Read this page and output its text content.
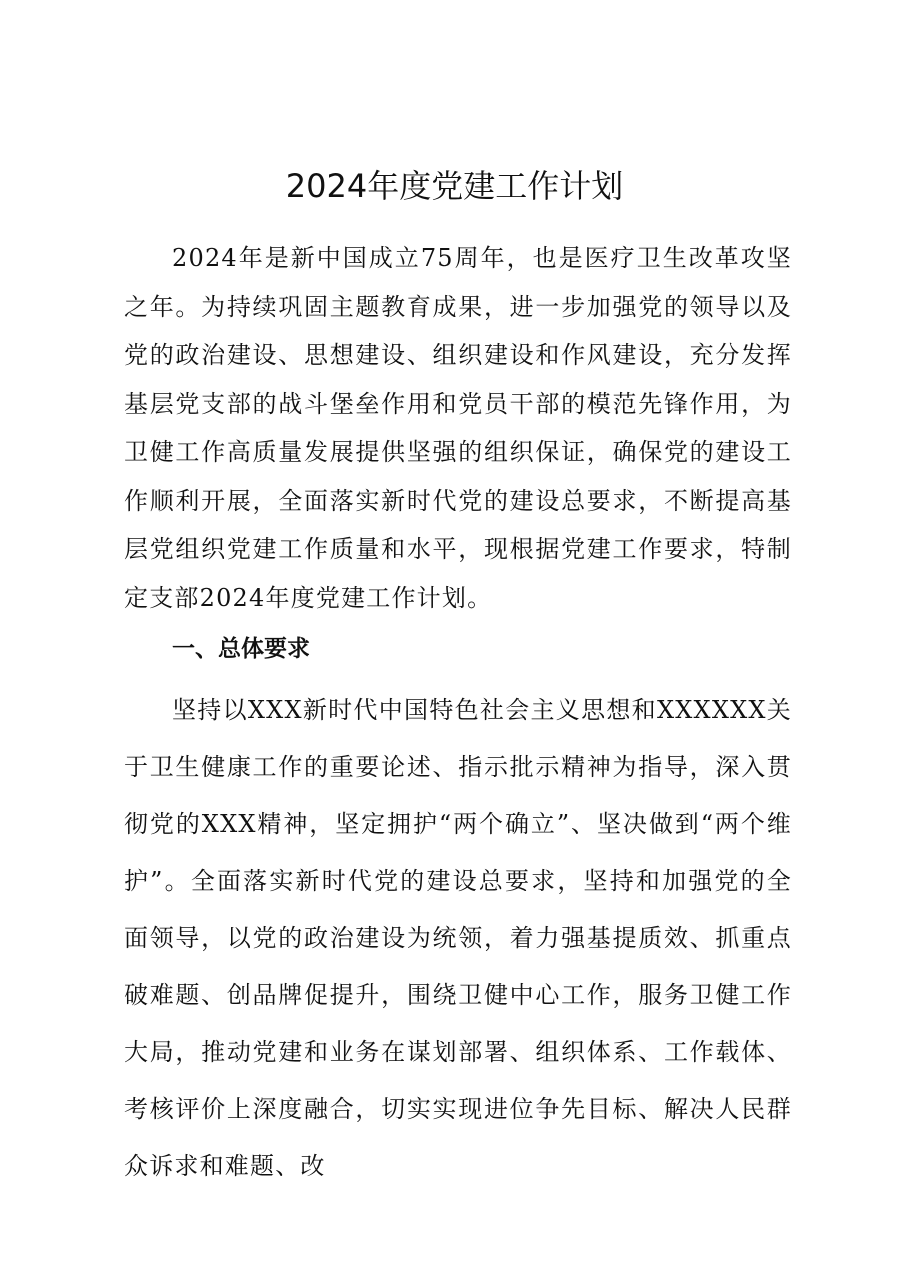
2024年度党建工作计划

2024年是新中国成立75周年，也是医疗卫生改革攻坚之年。为持续巩固主题教育成果，进一步加强党的领导以及党的政治建设、思想建设、组织建设和作风建设，充分发挥基层党支部的战斗堡垒作用和党员干部的模范先锋作用，为卫健工作高质量发展提供坚强的组织保证，确保党的建设工作顺利开展，全面落实新时代党的建设总要求，不断提高基层党组织党建工作质量和水平，现根据党建工作要求，特制定支部2024年度党建工作计划。

一、总体要求

坚持以XXX新时代中国特色社会主义思想和XXXXXX关于卫生健康工作的重要论述、指示批示精神为指导，深入贯彻党的XXX精神，坚定拥护“两个确立”、坚决做到“两个维护”。全面落实新时代党的建设总要求，坚持和加强党的全面领导，以党的政治建设为统领，着力强基提质效、抓重点破难题、创品牌促提升，围绕卫健中心工作，服务卫健工作大局，推动党建和业务在谋划部署、组织体系、工作载体、考核评价上深度融合，切实实现进位争先目标、解决人民群众诉求和难题、改
